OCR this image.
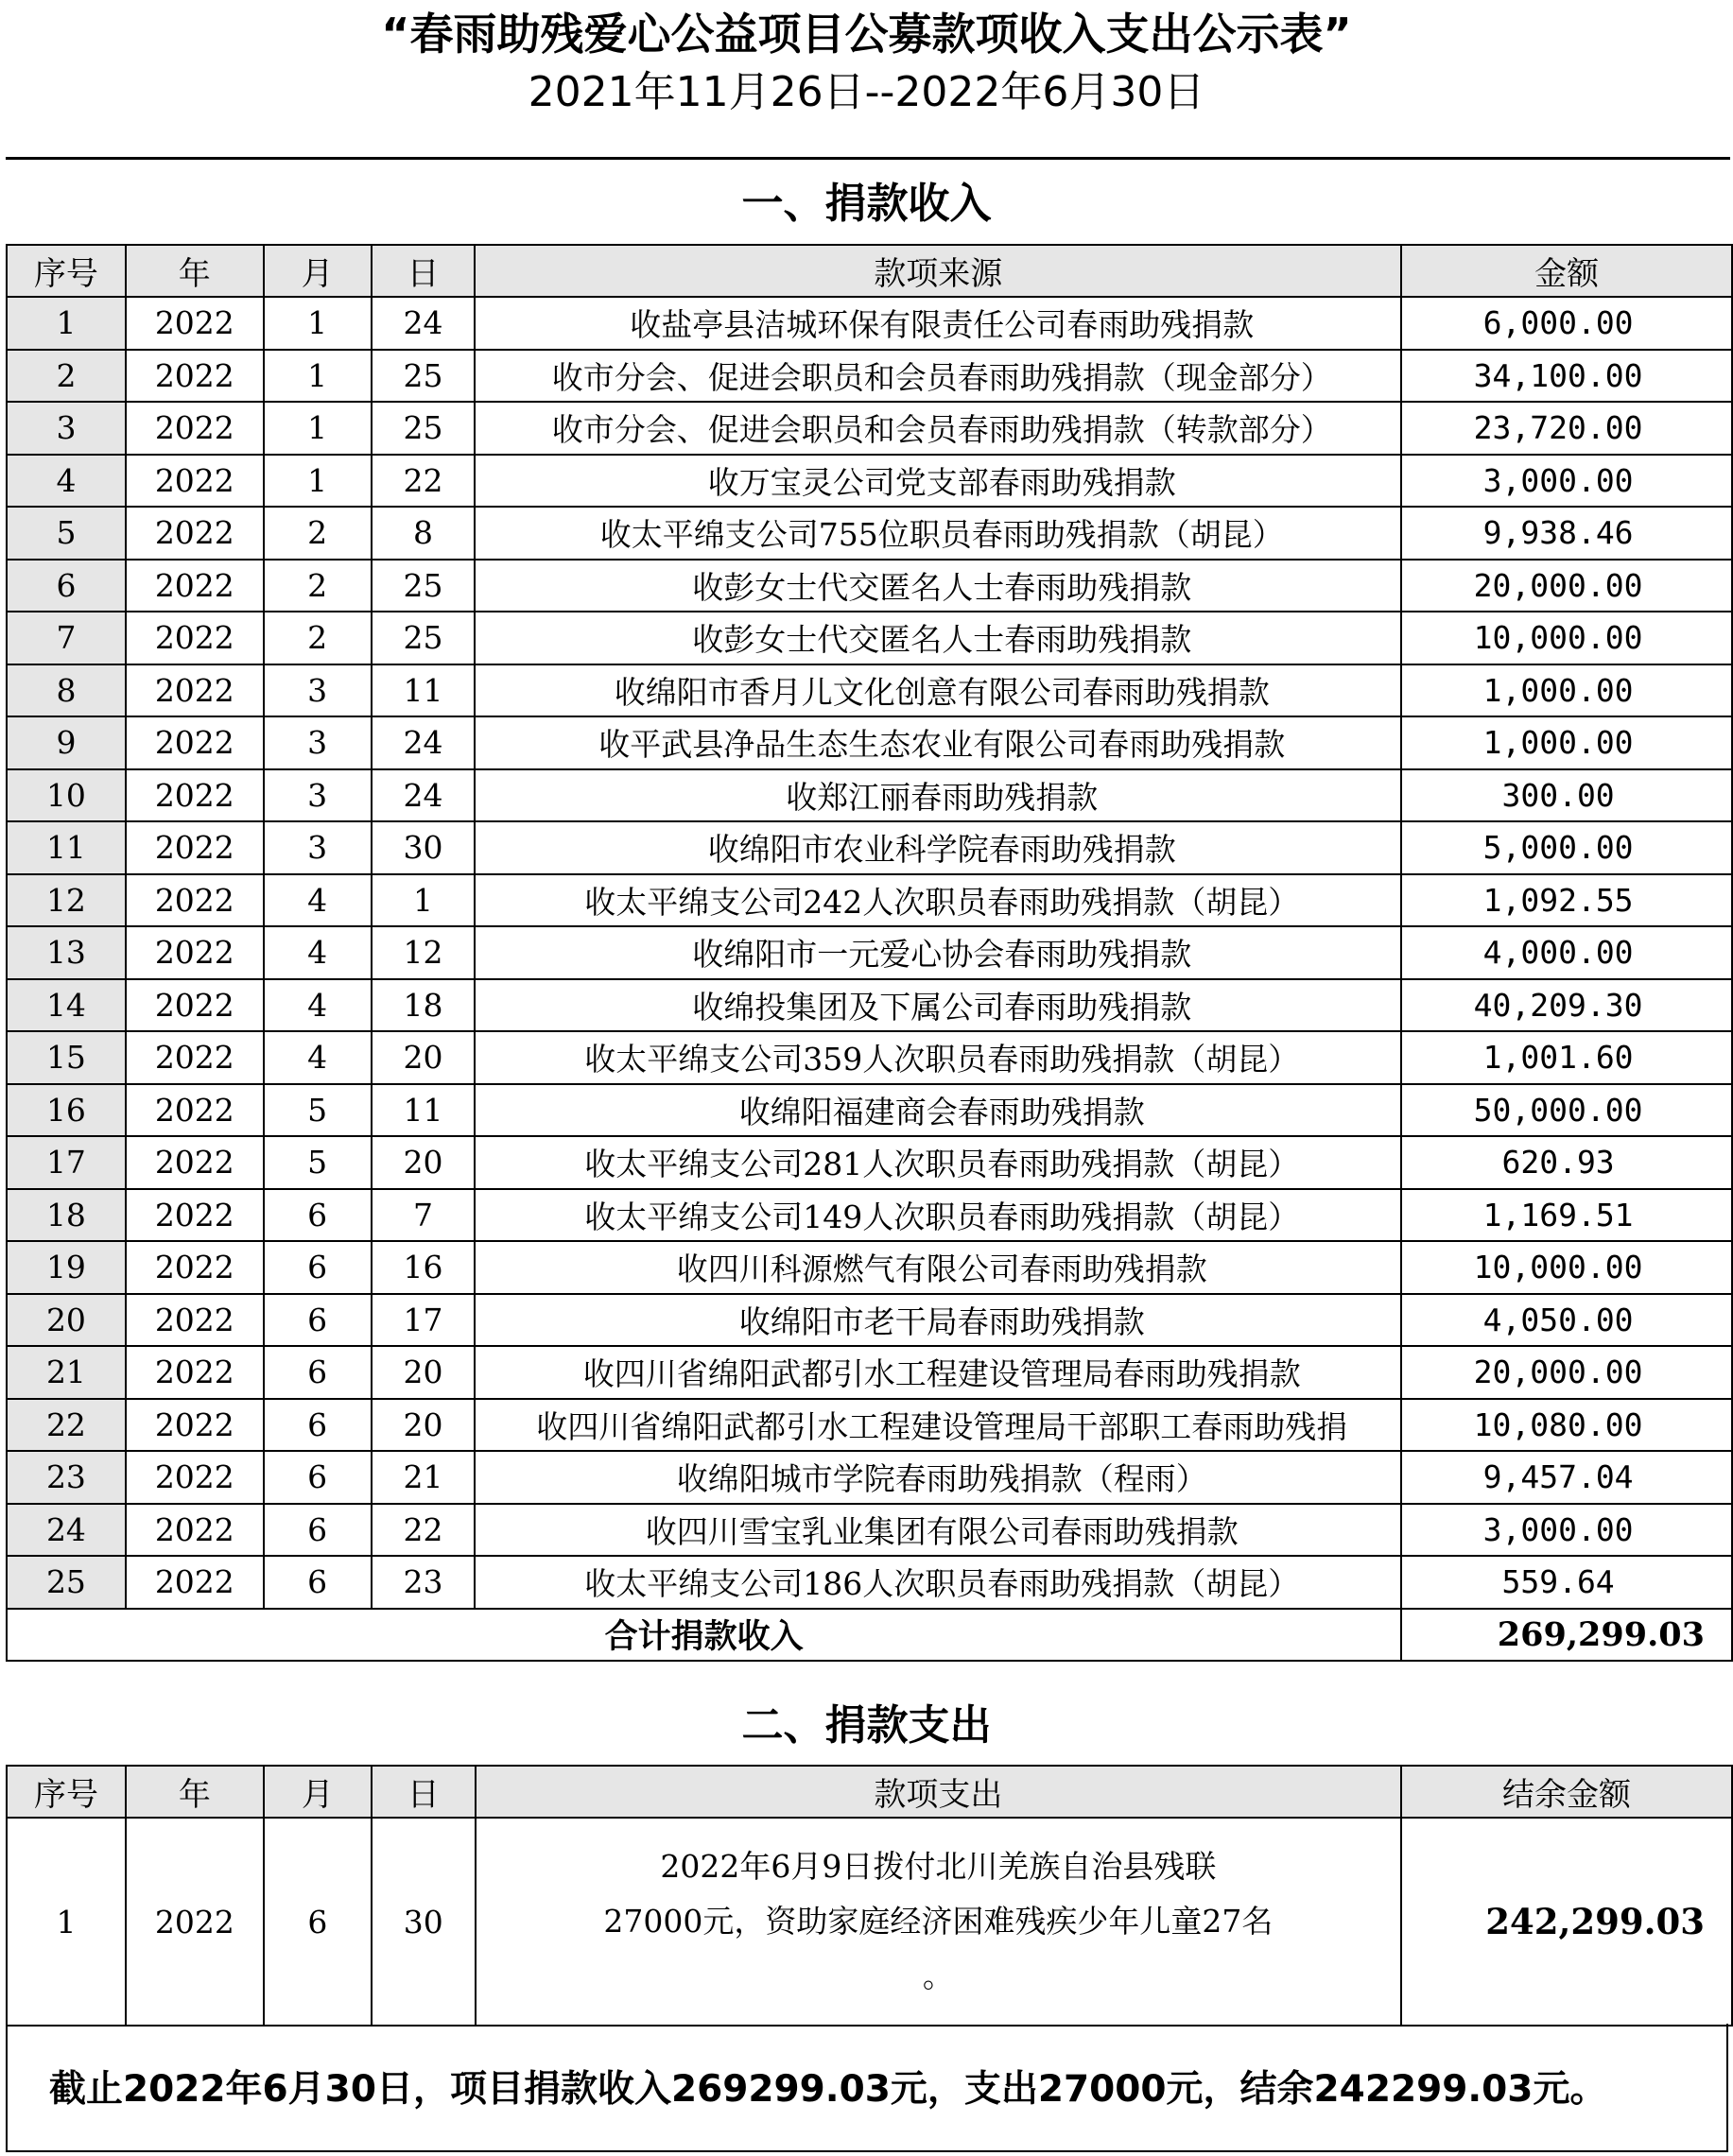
“春雨助残爱心公益项目公募款项收入支出公示表”
2021年11月26日--2022年6月30日
一、捐款收入
序号	年	月	日	款项来源	金额
1	2022	1	24	收盐亭县洁城环保有限责任公司春雨助残捐款	6,000.00
2	2022	1	25	收市分会、促进会职员和会员春雨助残捐款（现金部分）	34,100.00
3	2022	1	25	收市分会、促进会职员和会员春雨助残捐款（转款部分）	23,720.00
4	2022	1	22	收万宝灵公司党支部春雨助残捐款	3,000.00
5	2022	2	8	收太平绵支公司755位职员春雨助残捐款（胡昆）	9,938.46
6	2022	2	25	收彭女士代交匿名人士春雨助残捐款	20,000.00
7	2022	2	25	收彭女士代交匿名人士春雨助残捐款	10,000.00
8	2022	3	11	收绵阳市香月儿文化创意有限公司春雨助残捐款	1,000.00
9	2022	3	24	收平武县净品生态生态农业有限公司春雨助残捐款	1,000.00
10	2022	3	24	收郑江丽春雨助残捐款	300.00
11	2022	3	30	收绵阳市农业科学院春雨助残捐款	5,000.00
12	2022	4	1	收太平绵支公司242人次职员春雨助残捐款（胡昆）	1,092.55
13	2022	4	12	收绵阳市一元爱心协会春雨助残捐款	4,000.00
14	2022	4	18	收绵投集团及下属公司春雨助残捐款	40,209.30
15	2022	4	20	收太平绵支公司359人次职员春雨助残捐款（胡昆）	1,001.60
16	2022	5	11	收绵阳福建商会春雨助残捐款	50,000.00
17	2022	5	20	收太平绵支公司281人次职员春雨助残捐款（胡昆）	620.93
18	2022	6	7	收太平绵支公司149人次职员春雨助残捐款（胡昆）	1,169.51
19	2022	6	16	收四川科源燃气有限公司春雨助残捐款	10,000.00
20	2022	6	17	收绵阳市老干局春雨助残捐款	4,050.00
21	2022	6	20	收四川省绵阳武都引水工程建设管理局春雨助残捐款	20,000.00
22	2022	6	20	收四川省绵阳武都引水工程建设管理局干部职工春雨助残捐	10,080.00
23	2022	6	21	收绵阳城市学院春雨助残捐款（程雨）	9,457.04
24	2022	6	22	收四川雪宝乳业集团有限公司春雨助残捐款	3,000.00
25	2022	6	23	收太平绵支公司186人次职员春雨助残捐款（胡昆）	559.64
合计捐款收入					269,299.03
二、捐款支出
序号	年	月	日	款项支出	结余金额
1	2022	6	30	2022年6月9日拨付北川羌族自治县残联
27000元，资助家庭经济困难残疾少年儿童27名
。	242,299.03
截止2022年6月30日，项目捐款收入269299.03元，支出27000元，结余242299.03元。
